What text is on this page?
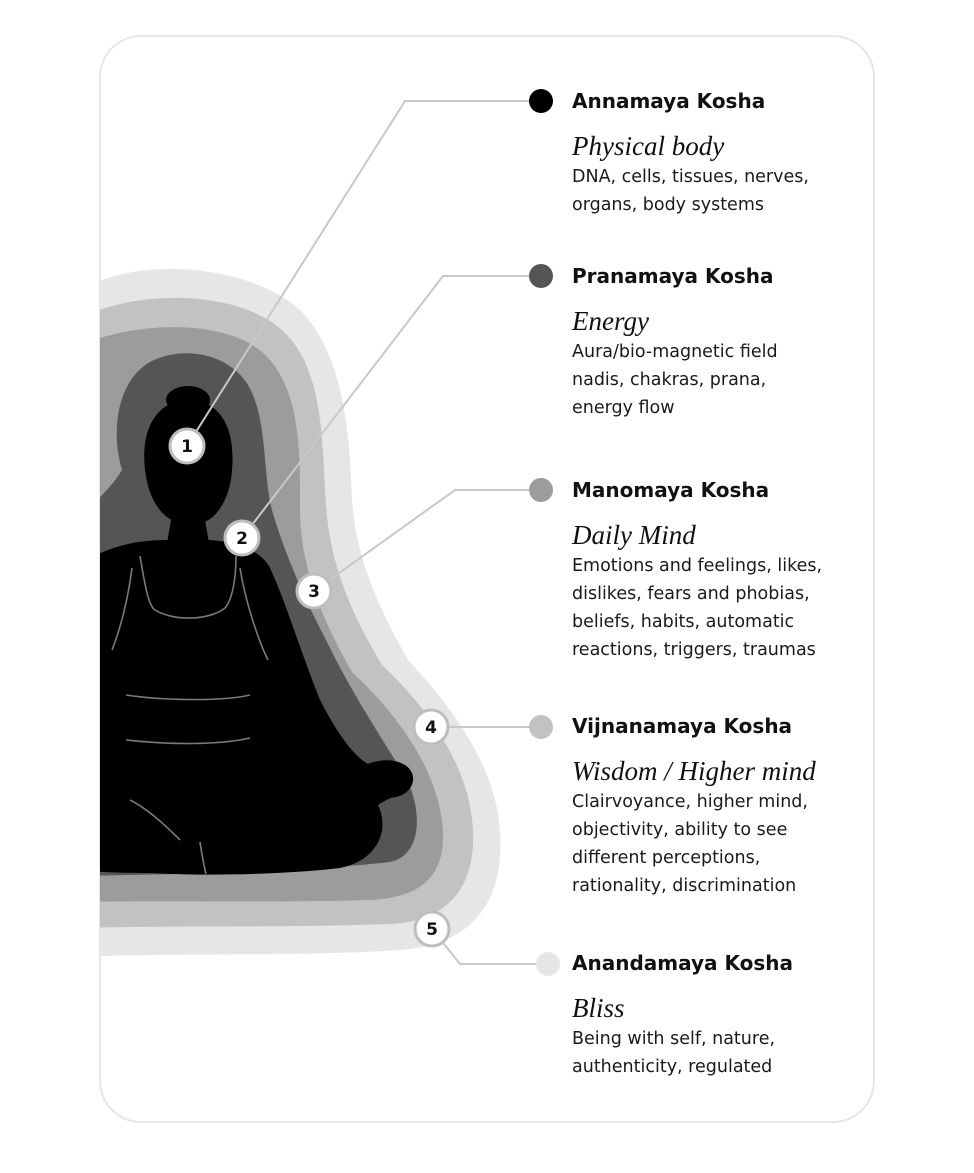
1
2
3
4
5
Annamaya Kosha
Physical body
DNA, cells, tissues, nerves,
organs, body systems
Pranamaya Kosha
Energy
Aura/bio-magnetic field
nadis, chakras, prana,
energy flow
Manomaya Kosha
Daily Mind
Emotions and feelings, likes,
dislikes, fears and phobias,
beliefs, habits, automatic
reactions, triggers, traumas
Vijnanamaya Kosha
Wisdom / Higher mind
Clairvoyance, higher mind,
objectivity, ability to see
different perceptions,
rationality, discrimination
Anandamaya Kosha
Bliss
Being with self, nature,
authenticity, regulated
